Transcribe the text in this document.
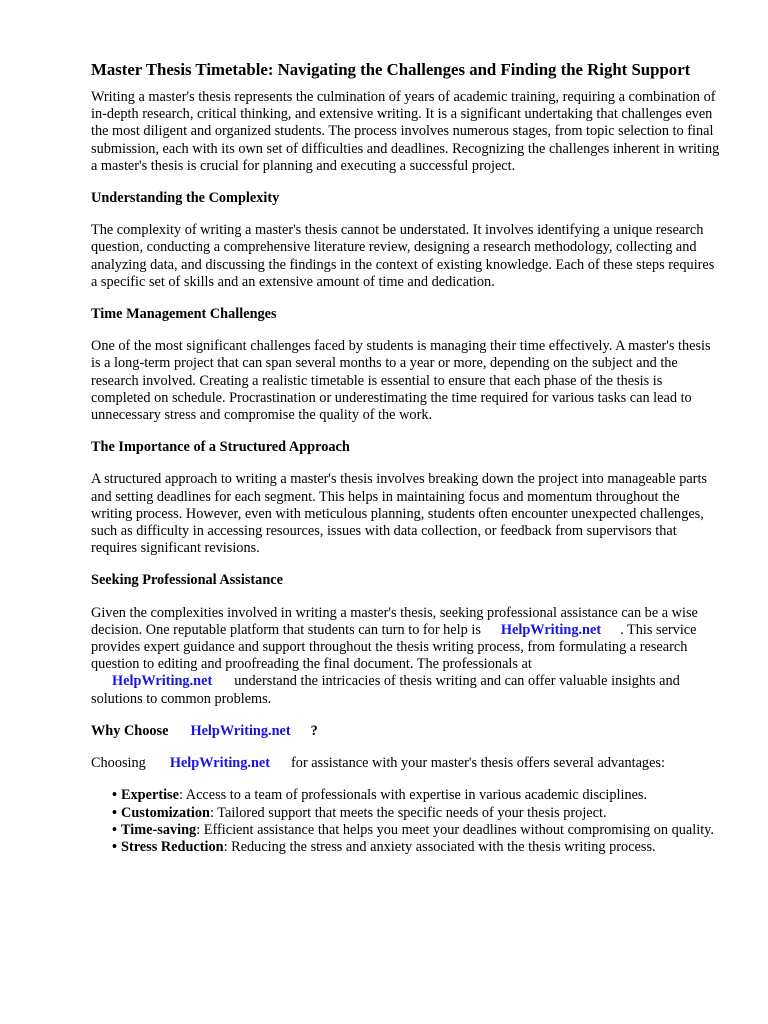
Master Thesis Timetable: Navigating the Challenges and Finding the Right Support

Writing a master's thesis represents the culmination of years of academic training, requiring a combination of in-depth research, critical thinking, and extensive writing. It is a significant undertaking that challenges even the most diligent and organized students. The process involves numerous stages, from topic selection to final submission, each with its own set of difficulties and deadlines. Recognizing the challenges inherent in writing a master's thesis is crucial for planning and executing a successful project.

Understanding the Complexity

The complexity of writing a master's thesis cannot be understated. It involves identifying a unique research question, conducting a comprehensive literature review, designing a research methodology, collecting and analyzing data, and discussing the findings in the context of existing knowledge. Each of these steps requires a specific set of skills and an extensive amount of time and dedication.

Time Management Challenges

One of the most significant challenges faced by students is managing their time effectively. A master's thesis is a long-term project that can span several months to a year or more, depending on the subject and the research involved. Creating a realistic timetable is essential to ensure that each phase of the thesis is completed on schedule. Procrastination or underestimating the time required for various tasks can lead to unnecessary stress and compromise the quality of the work.

The Importance of a Structured Approach

A structured approach to writing a master's thesis involves breaking down the project into manageable parts and setting deadlines for each segment. This helps in maintaining focus and momentum throughout the writing process. However, even with meticulous planning, students often encounter unexpected challenges, such as difficulty in accessing resources, issues with data collection, or feedback from supervisors that requires significant revisions.

Seeking Professional Assistance

Given the complexities involved in writing a master's thesis, seeking professional assistance can be a wise decision. One reputable platform that students can turn to for help is HelpWriting.net . This service provides expert guidance and support throughout the thesis writing process, from formulating a research question to editing and proofreading the final document. The professionals at
HelpWriting.net understand the intricacies of thesis writing and can offer valuable insights and solutions to common problems.

Why Choose HelpWriting.net ?

Choosing HelpWriting.net for assistance with your master's thesis offers several advantages:

• Expertise: Access to a team of professionals with expertise in various academic disciplines.
• Customization: Tailored support that meets the specific needs of your thesis project.
• Time-saving: Efficient assistance that helps you meet your deadlines without compromising on quality.
• Stress Reduction: Reducing the stress and anxiety associated with the thesis writing process.
